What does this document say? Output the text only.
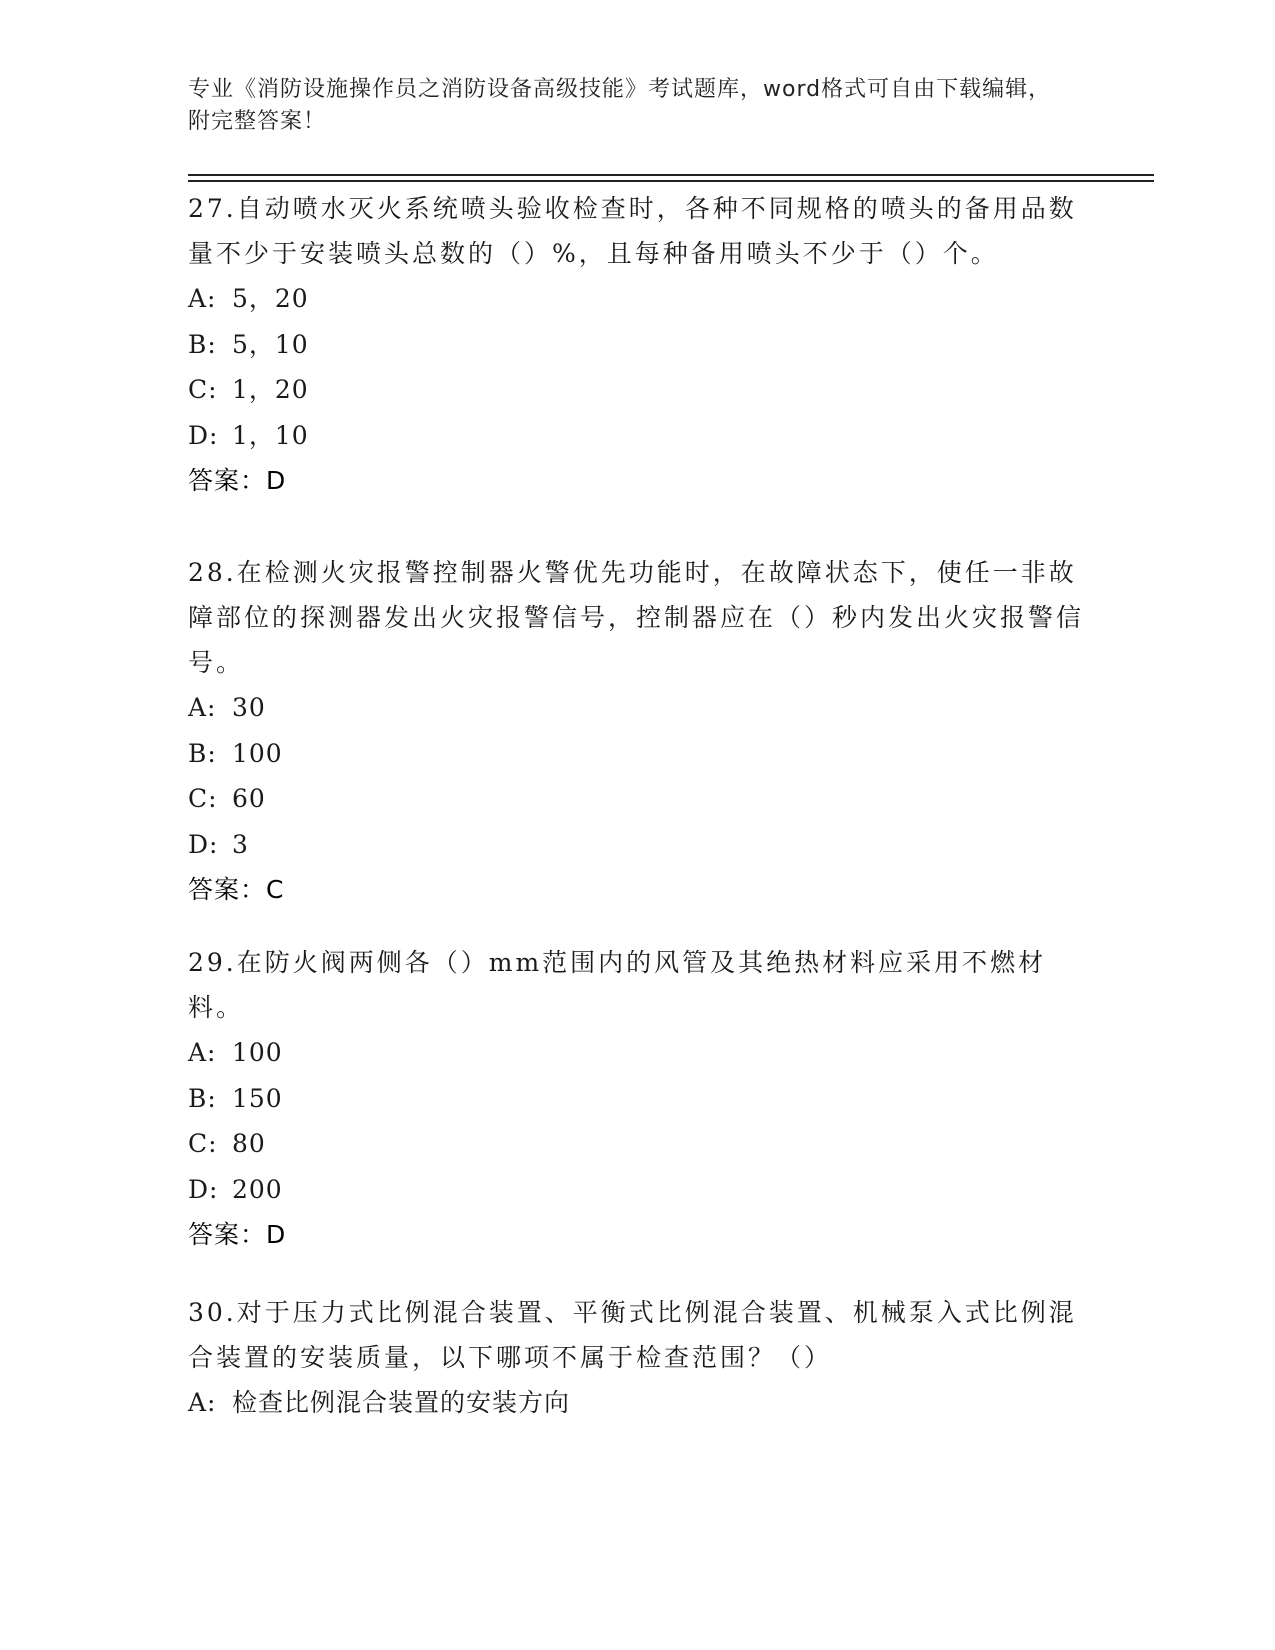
专业《消防设施操作员之消防设备高级技能》考试题库，word格式可自由下载编辑，附完整答案！

27.自动喷水灭火系统喷头验收检查时，各种不同规格的喷头的备用品数量不少于安装喷头总数的（）%，且每种备用喷头不少于（）个。

A: 5，20
B: 5，10
C: 1，20
D: 1，10
答案：D

28.在检测火灾报警控制器火警优先功能时，在故障状态下，使任一非故障部位的探测器发出火灾报警信号，控制器应在（）秒内发出火灾报警信号。

A: 30
B: 100
C: 60
D: 3
答案：C

29.在防火阀两侧各（）mm范围内的风管及其绝热材料应采用不燃材料。

A: 100
B: 150
C: 80
D: 200
答案：D

30.对于压力式比例混合装置、平衡式比例混合装置、机械泵入式比例混合装置的安装质量，以下哪项不属于检查范围？（）

A: 检查比例混合装置的安装方向
